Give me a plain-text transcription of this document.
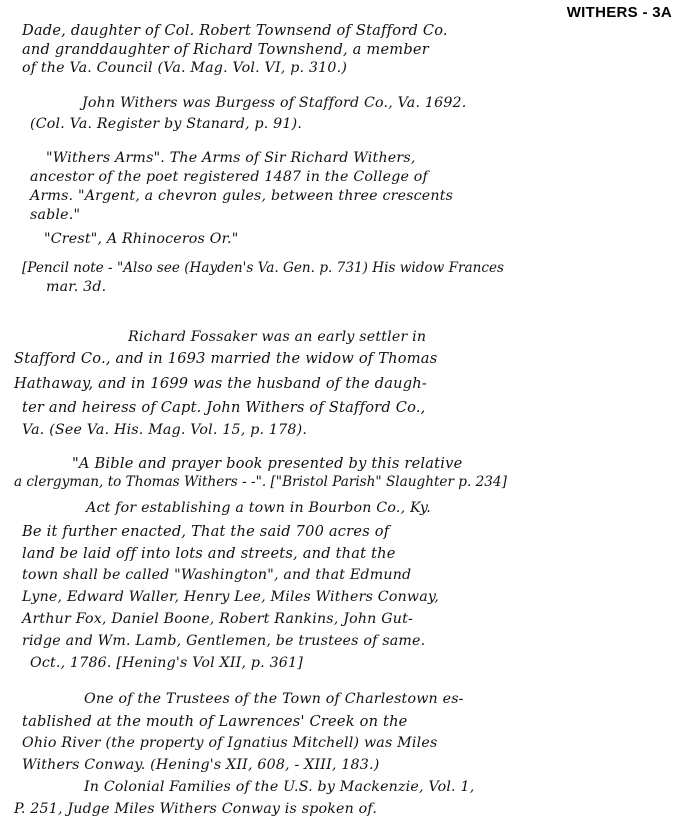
WITHERS - 3A
Dade, daughter of Col. Robert Townsend of Stafford Co.
and granddaughter of Richard Townshend, a member
of the Va. Council (Va. Mag. Vol. VI, p. 310.)
John Withers was Burgess of Stafford Co., Va. 1692.
(Col. Va. Register by Stanard, p. 91).
"Withers Arms". The Arms of Sir Richard Withers,
ancestor of the poet registered 1487 in the College of
Arms. "Argent, a chevron gules, between three crescents
sable."
"Crest", A Rhinoceros Or."
[Pencil note - "Also see (Hayden's Va. Gen. p. 731) His widow Frances
mar. 3d.
Richard Fossaker was an early settler in
Stafford Co., and in 1693 married the widow of Thomas
Hathaway, and in 1699 was the husband of the daugh-
ter and heiress of Capt. John Withers of Stafford Co.,
Va. (See Va. His. Mag. Vol. 15, p. 178).
"A Bible and prayer book presented by this relative
a clergyman, to Thomas Withers - -". ["Bristol Parish" Slaughter p. 234]
Act for establishing a town in Bourbon Co., Ky.
Be it further enacted, That the said 700 acres of
land be laid off into lots and streets, and that the
town shall be called "Washington", and that Edmund
Lyne, Edward Waller, Henry Lee, Miles Withers Conway,
Arthur Fox, Daniel Boone, Robert Rankins, John Gut-
ridge and Wm. Lamb, Gentlemen, be trustees of same.
Oct., 1786. [Hening's Vol XII, p. 361]
One of the Trustees of the Town of Charlestown es-
tablished at the mouth of Lawrences' Creek on the
Ohio River (the property of Ignatius Mitchell) was Miles
Withers Conway. (Hening's XII, 608, - XIII, 183.)
In Colonial Families of the U.S. by Mackenzie, Vol. 1,
P. 251, Judge Miles Withers Conway is spoken of.
